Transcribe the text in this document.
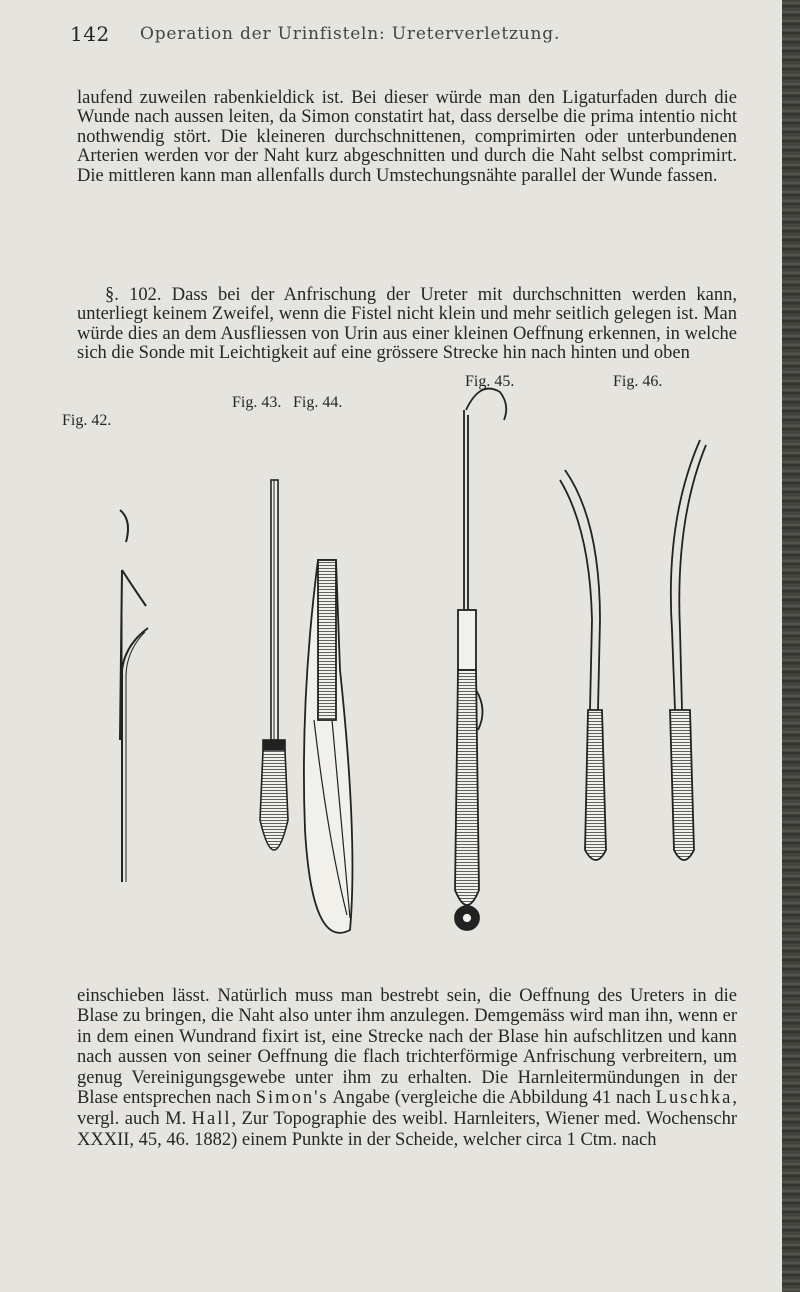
142 Operation der Urinfisteln: Ureterverletzung.

laufend zuweilen rabenkieldick ist. Bei dieser würde man den Ligaturfaden durch die Wunde nach aussen leiten, da Simon constatirt hat, dass derselbe die prima intentio nicht nothwendig stört. Die kleineren durchschnittenen, comprimirten oder unterbundenen Arterien werden vor der Naht kurz abgeschnitten und durch die Naht selbst comprimirt. Die mittleren kann man allenfalls durch Umstechungsnähte parallel der Wunde fassen.

§. 102. Dass bei der Anfrischung der Ureter mit durchschnitten werden kann, unterliegt keinem Zweifel, wenn die Fistel nicht klein und mehr seitlich gelegen ist. Man würde dies an dem Ausfliessen von Urin aus einer kleinen Oeffnung erkennen, in welche sich die Sonde mit Leichtigkeit auf eine grössere Strecke hin nach hinten und oben

Fig. 42.
Fig. 43. Fig. 44.
Fig. 45.	Fig. 46.

einschieben lässt. Natürlich muss man bestrebt sein, die Oeffnung des Ureters in die Blase zu bringen, die Naht also unter ihm anzulegen. Demgemäss wird man ihn, wenn er in dem einen Wundrand fixirt ist, eine Strecke nach der Blase hin aufschlitzen und kann nach aussen von seiner Oeffnung die flach trichterförmige Anfrischung verbreitern, um genug Vereinigungsgewebe unter ihm zu erhalten. Die Harnleitermündungen in der Blase entsprechen nach Simon's Angabe (vergleiche die Abbildung 41 nach Luschka, vergl. auch M. Hall, Zur Topographie des weibl. Harnleiters, Wiener med. Wochenschr XXXII, 45, 46. 1882) einem Punkte in der Scheide, welcher circa 1 Ctm. nach
